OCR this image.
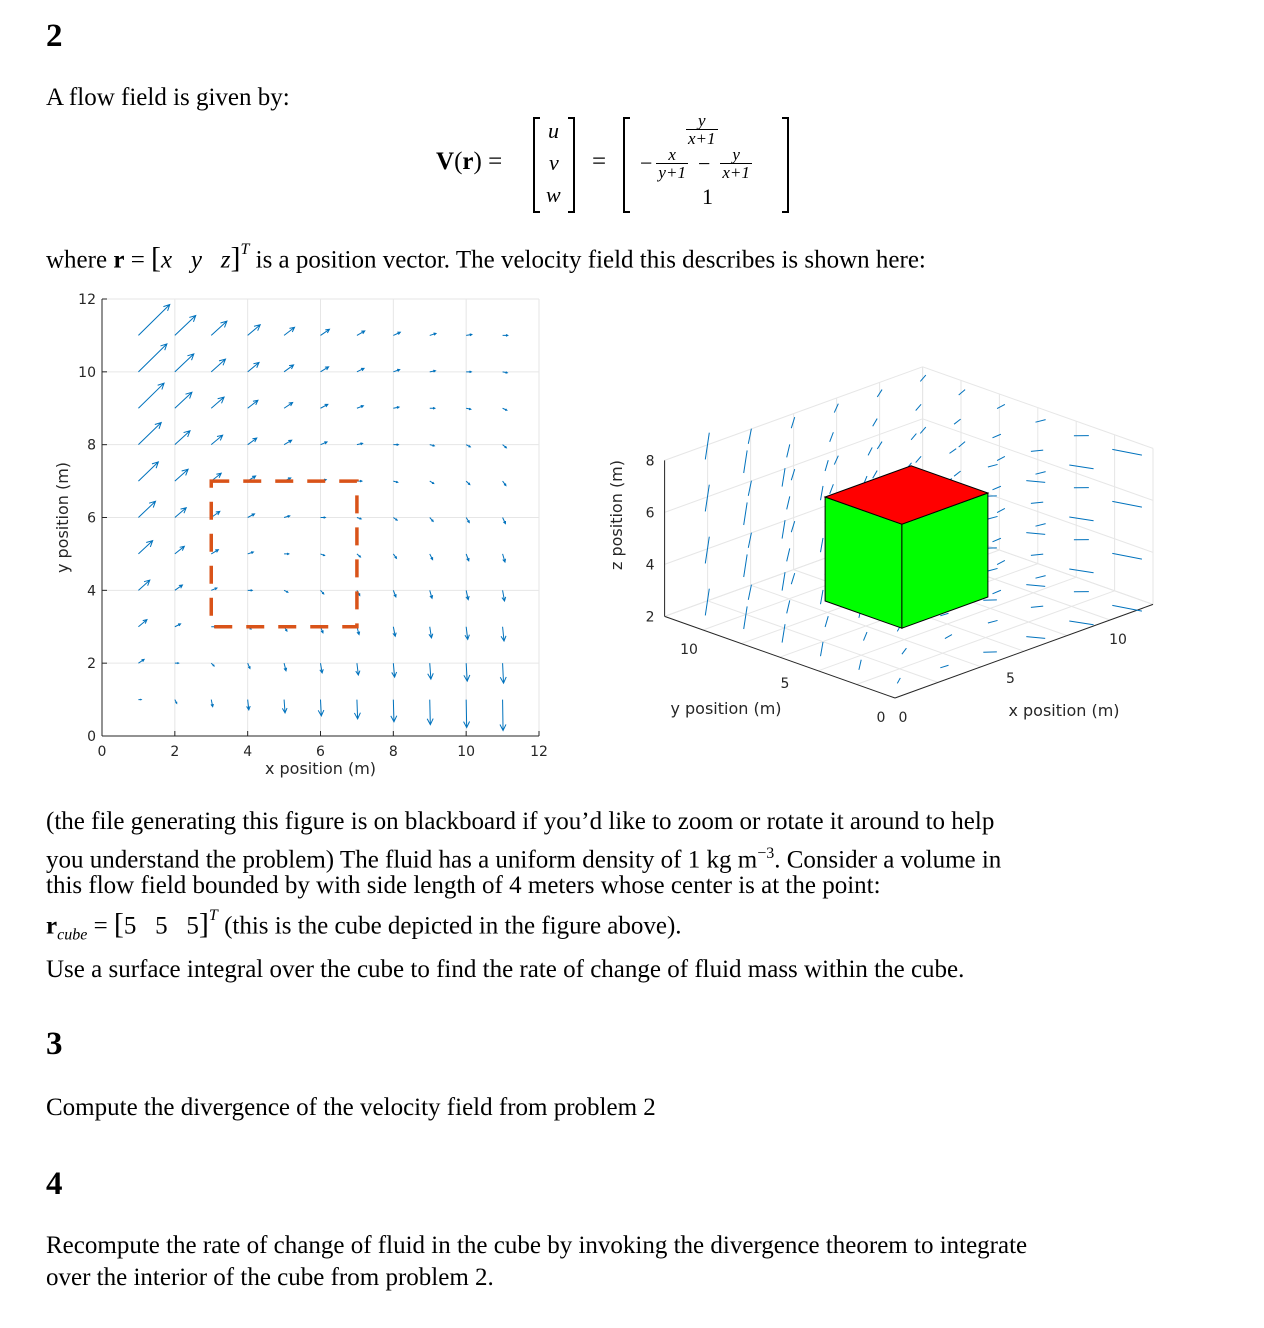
2
A flow field is given by:
V(r) =
u
v
w
=
$\frac{y}{x+1}$
− $\frac{x}{y+1} - \frac{y}{x+1}$
1
where r = [x   y   z]$^T$ is a position vector. The velocity field this describes is shown here:
0	2	4	6	8	10	12
0
2
4
6
8
10
12
x position (m)
y position (m)
0
5
10
0
5
10
2
4
6
8
x position (m)
y position (m)
z position (m)
(the file generating this figure is on blackboard if you’d like to zoom or rotate it around to help
you understand the problem) The fluid has a uniform density of 1 kg $m^{-3}$. Consider a volume in
this flow field bounded by with side length of 4 meters whose center is at the point:
$r_{cube} = [5$   5   5]$^T$ (this is the cube depicted in the figure above).
Use a surface integral over the cube to find the rate of change of fluid mass within the cube.
3
Compute the divergence of the velocity field from problem 2
4
Recompute the rate of change of fluid in the cube by invoking the divergence theorem to integrate
over the interior of the cube from problem 2.
